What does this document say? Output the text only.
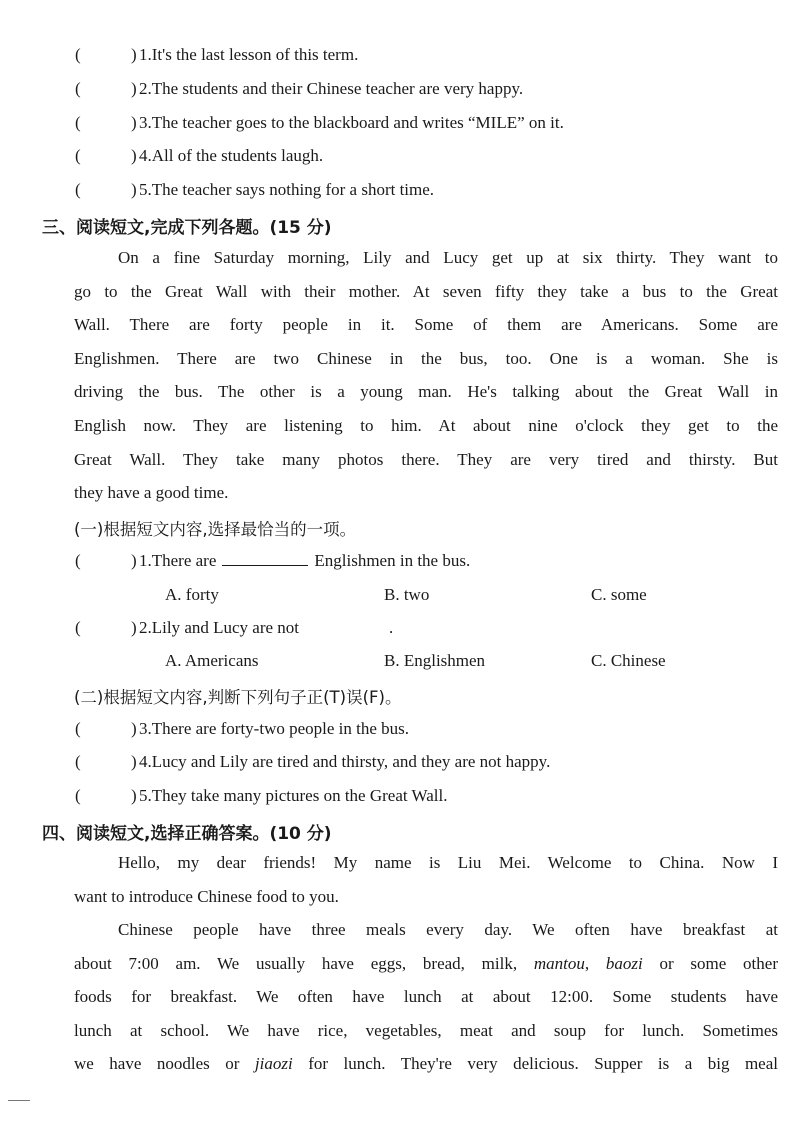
(	) 1.It's the last lesson of this term.
(	) 2.The students and their Chinese teacher are very happy.
(	) 3.The teacher goes to the blackboard and writes “MILE” on it.
(	) 4.All of the students laugh.
(	) 5.The teacher says nothing for a short time.
三、阅读短文,完成下列各题。(15 分)
On a fine Saturday morning, Lily and Lucy get up at six thirty. They want to
go to the Great Wall with their mother. At seven fifty they take a bus to the Great
Wall. There are forty people in it. Some of them are Americans. Some are
Englishmen. There are two Chinese in the bus, too. One is a woman. She is
driving the bus. The other is a young man. He's talking about the Great Wall in
English now. They are listening to him. At about nine o'clock they get to the
Great Wall. They take many photos there. They are very tired and thirsty. But
they have a good time.
(一)根据短文内容,选择最恰当的一项。
(	) 1.There are	Englishmen in the bus.
A. forty	B. two	C. some
(	) 2.Lily and Lucy are not	.
A. Americans	B. Englishmen	C. Chinese
(二)根据短文内容,判断下列句子正(T)误(F)。
(	) 3.There are forty-two people in the bus.
(	) 4.Lucy and Lily are tired and thirsty, and they are not happy.
(	) 5.They take many pictures on the Great Wall.
四、阅读短文,选择正确答案。(10 分)
Hello, my dear friends! My name is Liu Mei. Welcome to China. Now I
want to introduce Chinese food to you.
Chinese people have three meals every day. We often have breakfast at
about 7:00 am. We usually have eggs, bread, milk, mantou, baozi or some other
foods for breakfast. We often have lunch at about 12:00. Some students have
lunch at school. We have rice, vegetables, meat and soup for lunch. Sometimes
we have noodles or jiaozi for lunch. They're very delicious. Supper is a big meal
